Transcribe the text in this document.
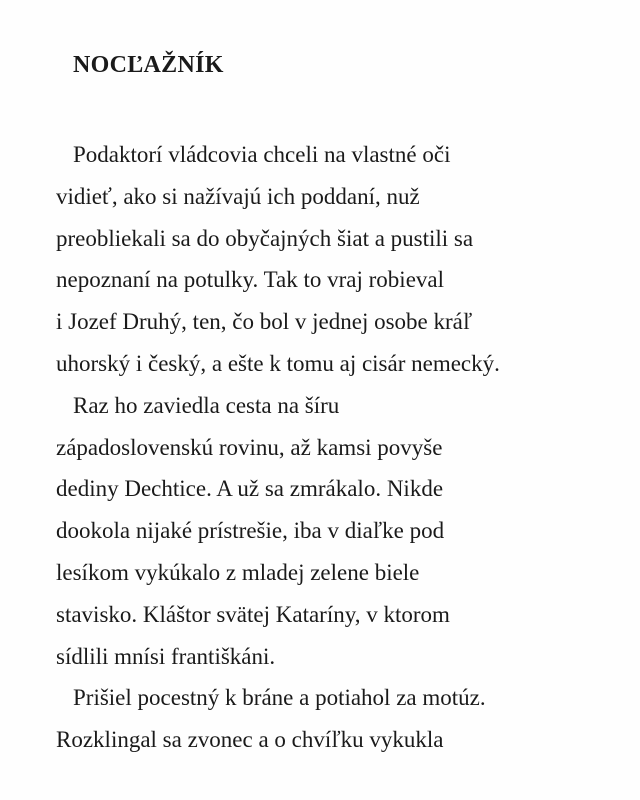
NOCĽAŽNÍK
Podaktorí vládcovia chceli na vlastné oči
vidieť, ako si nažívajú ich poddaní, nuž
preobliekali sa do obyčajných šiat a pustili sa
nepoznaní na potulky. Tak to vraj robieval
i Jozef Druhý, ten, čo bol v jednej osobe kráľ
uhorský i český, a ešte k tomu aj cisár nemecký.
Raz ho zaviedla cesta na šíru
západoslovenskú rovinu, až kamsi povyše
dediny Dechtice. A už sa zmrákalo. Nikde
dookola nijaké prístrešie, iba v diaľke pod
lesíkom vykúkalo z mladej zelene biele
stavisko. Kláštor svätej Kataríny, v ktorom
sídlili mnísi františkáni.
Prišiel pocestný k bráne a potiahol za motúz.
Rozklingal sa zvonec a o chvíľku vykukla
